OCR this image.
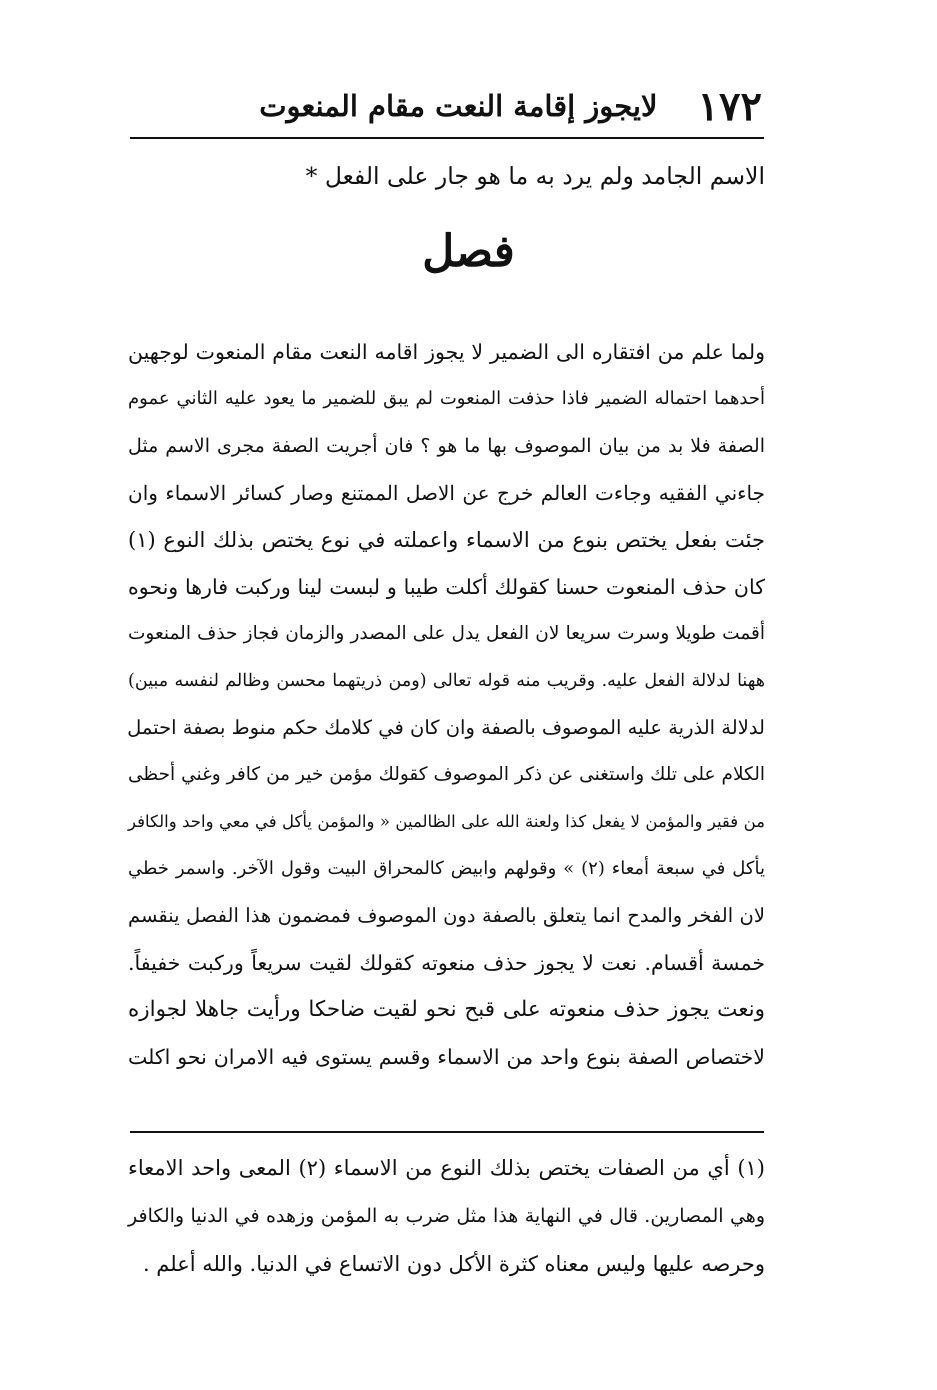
١٧٢
لايجوز إقامة النعت مقام المنعوت
الاسم الجامد ولم يرد به ما هو جار على الفعل *
فصل
ولما علم من افتقاره الى الضمير لا يجوز اقامه النعت مقام المنعوت لوجهين
أحدهما احتماله الضمير فاذا حذفت المنعوت لم يبق للضمير ما يعود عليه الثاني عموم
الصفة فلا بد من بيان الموصوف بها ما هو ؟ فان أجريت الصفة مجرى الاسم مثل
جاءني الفقيه وجاءت العالم خرج عن الاصل الممتنع وصار كسائر الاسماء وان
جئت بفعل يختص بنوع من الاسماء واعملته في نوع يختص بذلك النوع (١)
كان حذف المنعوت حسنا كقولك أكلت طيبا و لبست لينا وركبت فارها ونحوه
أقمت طويلا وسرت سريعا لان الفعل يدل على المصدر والزمان فجاز حذف المنعوت
ههنا لدلالة الفعل عليه. وقريب منه قوله تعالى (ومن ذريتهما محسن وظالم لنفسه مبين)
لدلالة الذرية عليه الموصوف بالصفة وان كان في كلامك حكم منوط بصفة احتمل
الكلام على تلك واستغنى عن ذكر الموصوف كقولك مؤمن خير من كافر وغني أحظى
من فقير والمؤمن لا يفعل كذا ولعنة الله على الظالمين « والمؤمن يأكل في معي واحد والكافر
يأكل في سبعة أمعاء (٢) » وقولهم وابيض كالمحراق البيت وقول الآخر. واسمر خطي
لان الفخر والمدح انما يتعلق بالصفة دون الموصوف فمضمون هذا الفصل ينقسم
خمسة أقسام. نعت لا يجوز حذف منعوته كقولك لقيت سريعاً وركبت خفيفاً.
ونعت يجوز حذف منعوته على قبح نحو لقيت ضاحكا ورأيت جاهلا لجوازه
لاختصاص الصفة بنوع واحد من الاسماء وقسم يستوى فيه الامران نحو اكلت
(١) أي من الصفات يختص بذلك النوع من الاسماء (٢) المعى واحد الامعاء
وهي المصارين. قال في النهاية هذا مثل ضرب به المؤمن وزهده في الدنيا والكافر
وحرصه عليها وليس معناه كثرة الأكل دون الاتساع في الدنيا. والله أعلم .
